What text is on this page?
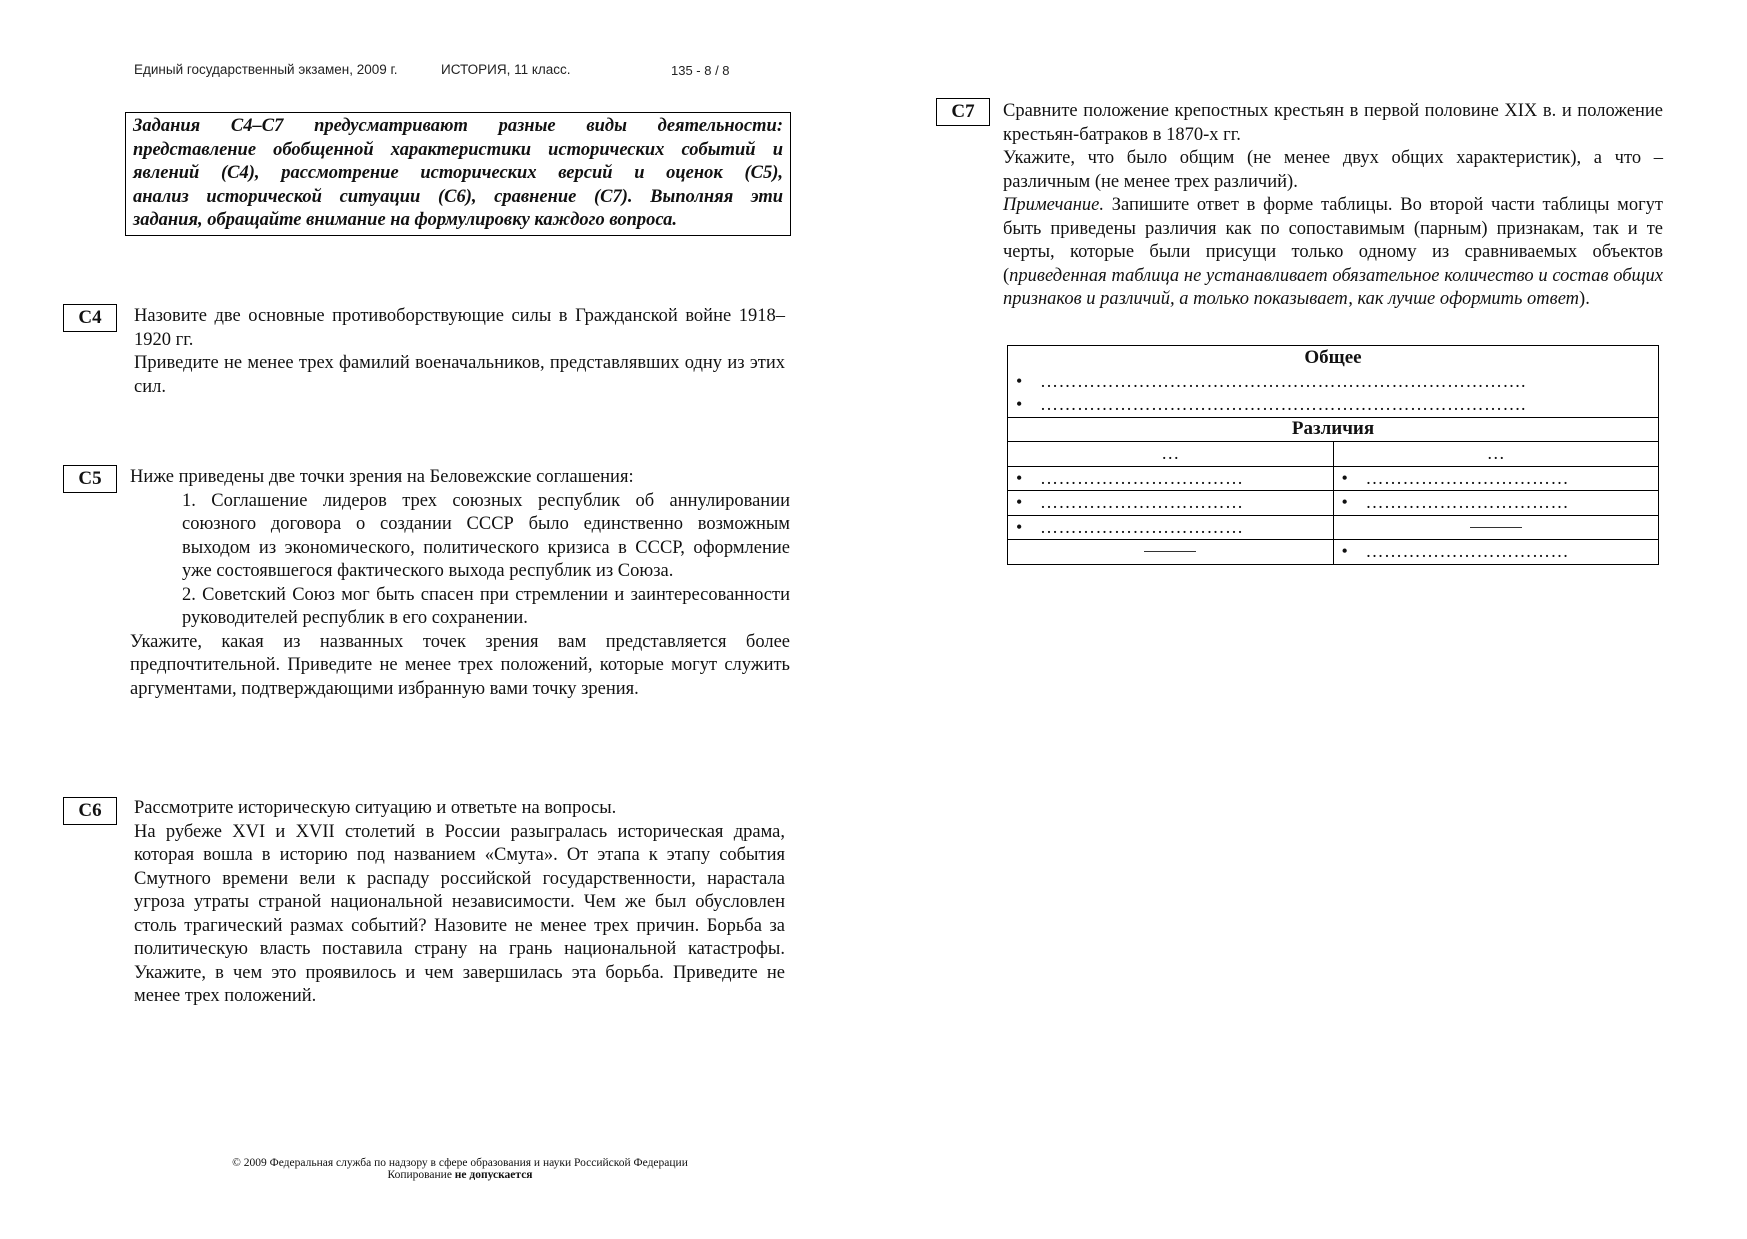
Единый государственный экзамен, 2009 г.	ИСТОРИЯ, 11 класс.	135 - 8 / 8
Задания С4–С7 предусматривают разные виды деятельности:
представление обобщенной характеристики исторических событий и
явлений (С4), рассмотрение исторических версий и оценок (С5),
анализ исторической ситуации (С6), сравнение (С7). Выполняя эти
задания, обращайте внимание на формулировку каждого вопроса.
С4	Назовите две основные противоборствующие силы в Гражданской войне 1918–1920 гг.

Приведите не менее трех фамилий военачальников, представлявших одну из этих сил.

С5	Ниже приведены две точки зрения на Беловежские соглашения:

1. Соглашение лидеров трех союзных республик об аннулировании союзного договора о создании СССР было единственно возможным выходом из экономического, политического кризиса в СССР, оформление уже состоявшегося фактического выхода республик из Союза.

2. Советский Союз мог быть спасен при стремлении и заинтересованности руководителей республик в его сохранении.

Укажите, какая из названных точек зрения вам представляется более предпочтительной. Приведите не менее трех положений, которые могут служить аргументами, подтверждающими избранную вами точку зрения.

С6	Рассмотрите историческую ситуацию и ответьте на вопросы.

На рубеже XVI и XVII столетий в России разыгралась историческая драма, которая вошла в историю под названием «Смута». От этапа к этапу события Смутного времени вели к распаду российской государственности, нарастала угроза утраты страной национальной независимости. Чем же был обусловлен столь трагический размах событий? Назовите не менее трех причин. Борьба за политическую власть поставила страну на грань национальной катастрофы. Укажите, в чем это проявилось и чем завершилась эта борьба. Приведите не менее трех положений.

С7	Сравните положение крепостных крестьян в первой половине XIX в. и положение крестьян-батраков в 1870-х гг.

Укажите, что было общим (не менее двух общих характеристик), а что – различным (не менее трех различий).

Примечание. Запишите ответ в форме таблицы. Во второй части таблицы могут быть приведены различия как по сопоставимым (парным) признакам, так и те черты, которые были присущи только одному из сравниваемых объектов (приведенная таблица не устанавливает обязательное количество и состав общих признаков и различий, а только показывает, как лучше оформить ответ).

Общее	
• …………………………………………………………………….	
• …………………………………………………………………….	
Различия	
…	…
• ……………………………	• ……………………………
• ……………………………	• ……………………………
• ……………………………	

	• ……………………………
© 2009 Федеральная служба по надзору в сфере образования и науки Российской Федерации
Копирование не допускается
